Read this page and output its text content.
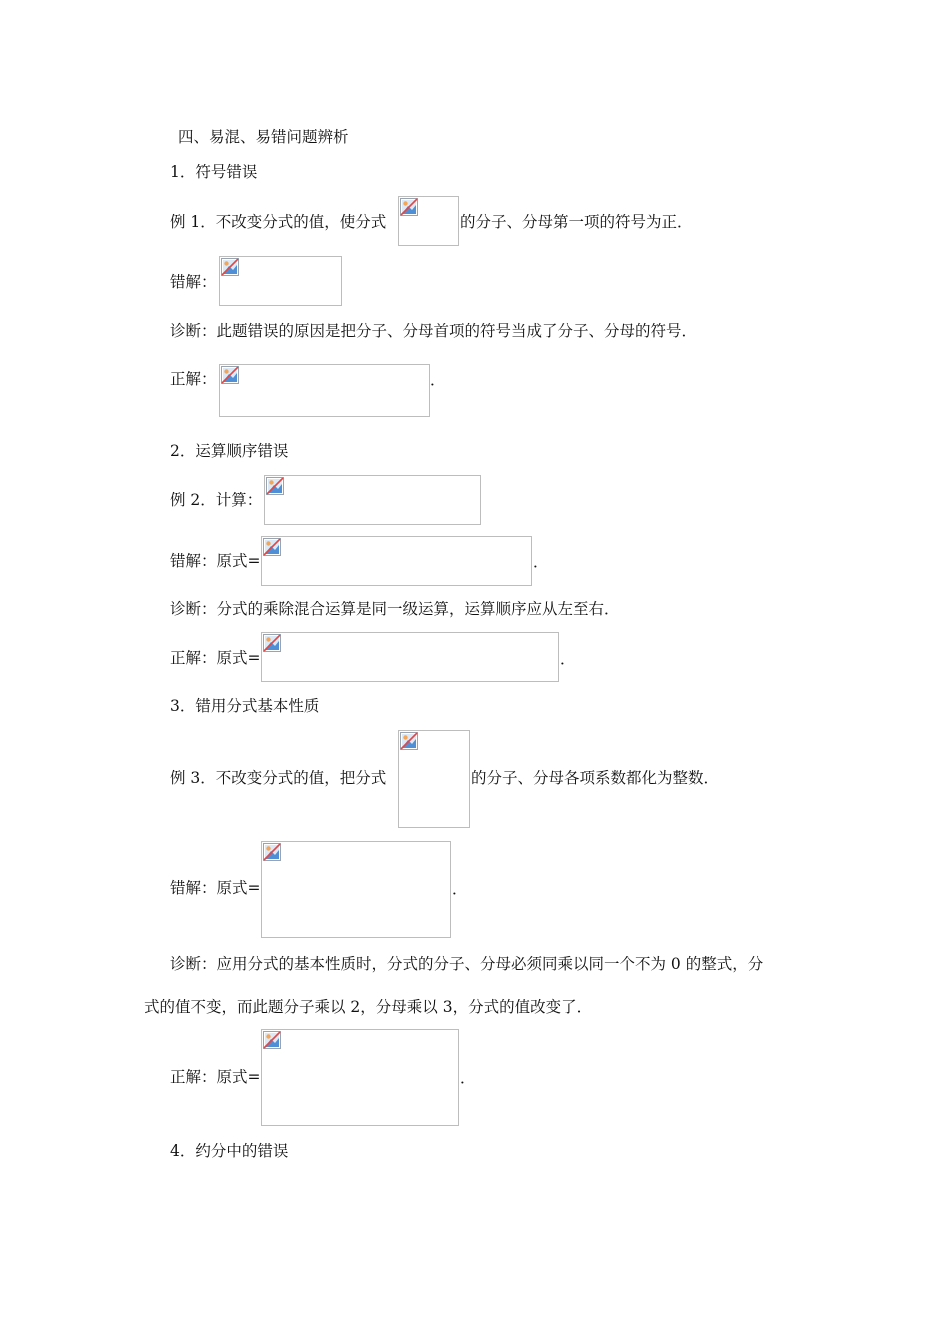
四、易混、易错问题辨析
1．符号错误
例 1．不改变分式的值，使分式	的分子、分母第一项的符号为正．
错解：
诊断：此题错误的原因是把分子、分母首项的符号当成了分子、分母的符号．
正解：	．
2．运算顺序错误
例 2．计算：
错解：原式=	．
诊断：分式的乘除混合运算是同一级运算，运算顺序应从左至右．
正解：原式=	．
3．错用分式基本性质
例 3．不改变分式的值，把分式	的分子、分母各项系数都化为整数．
错解：原式=	．
诊断：应用分式的基本性质时，分式的分子、分母必须同乘以同一个不为 0 的整式，分
式的值不变，而此题分子乘以 2，分母乘以 3，分式的值改变了．
正解：原式=	．
4．约分中的错误
